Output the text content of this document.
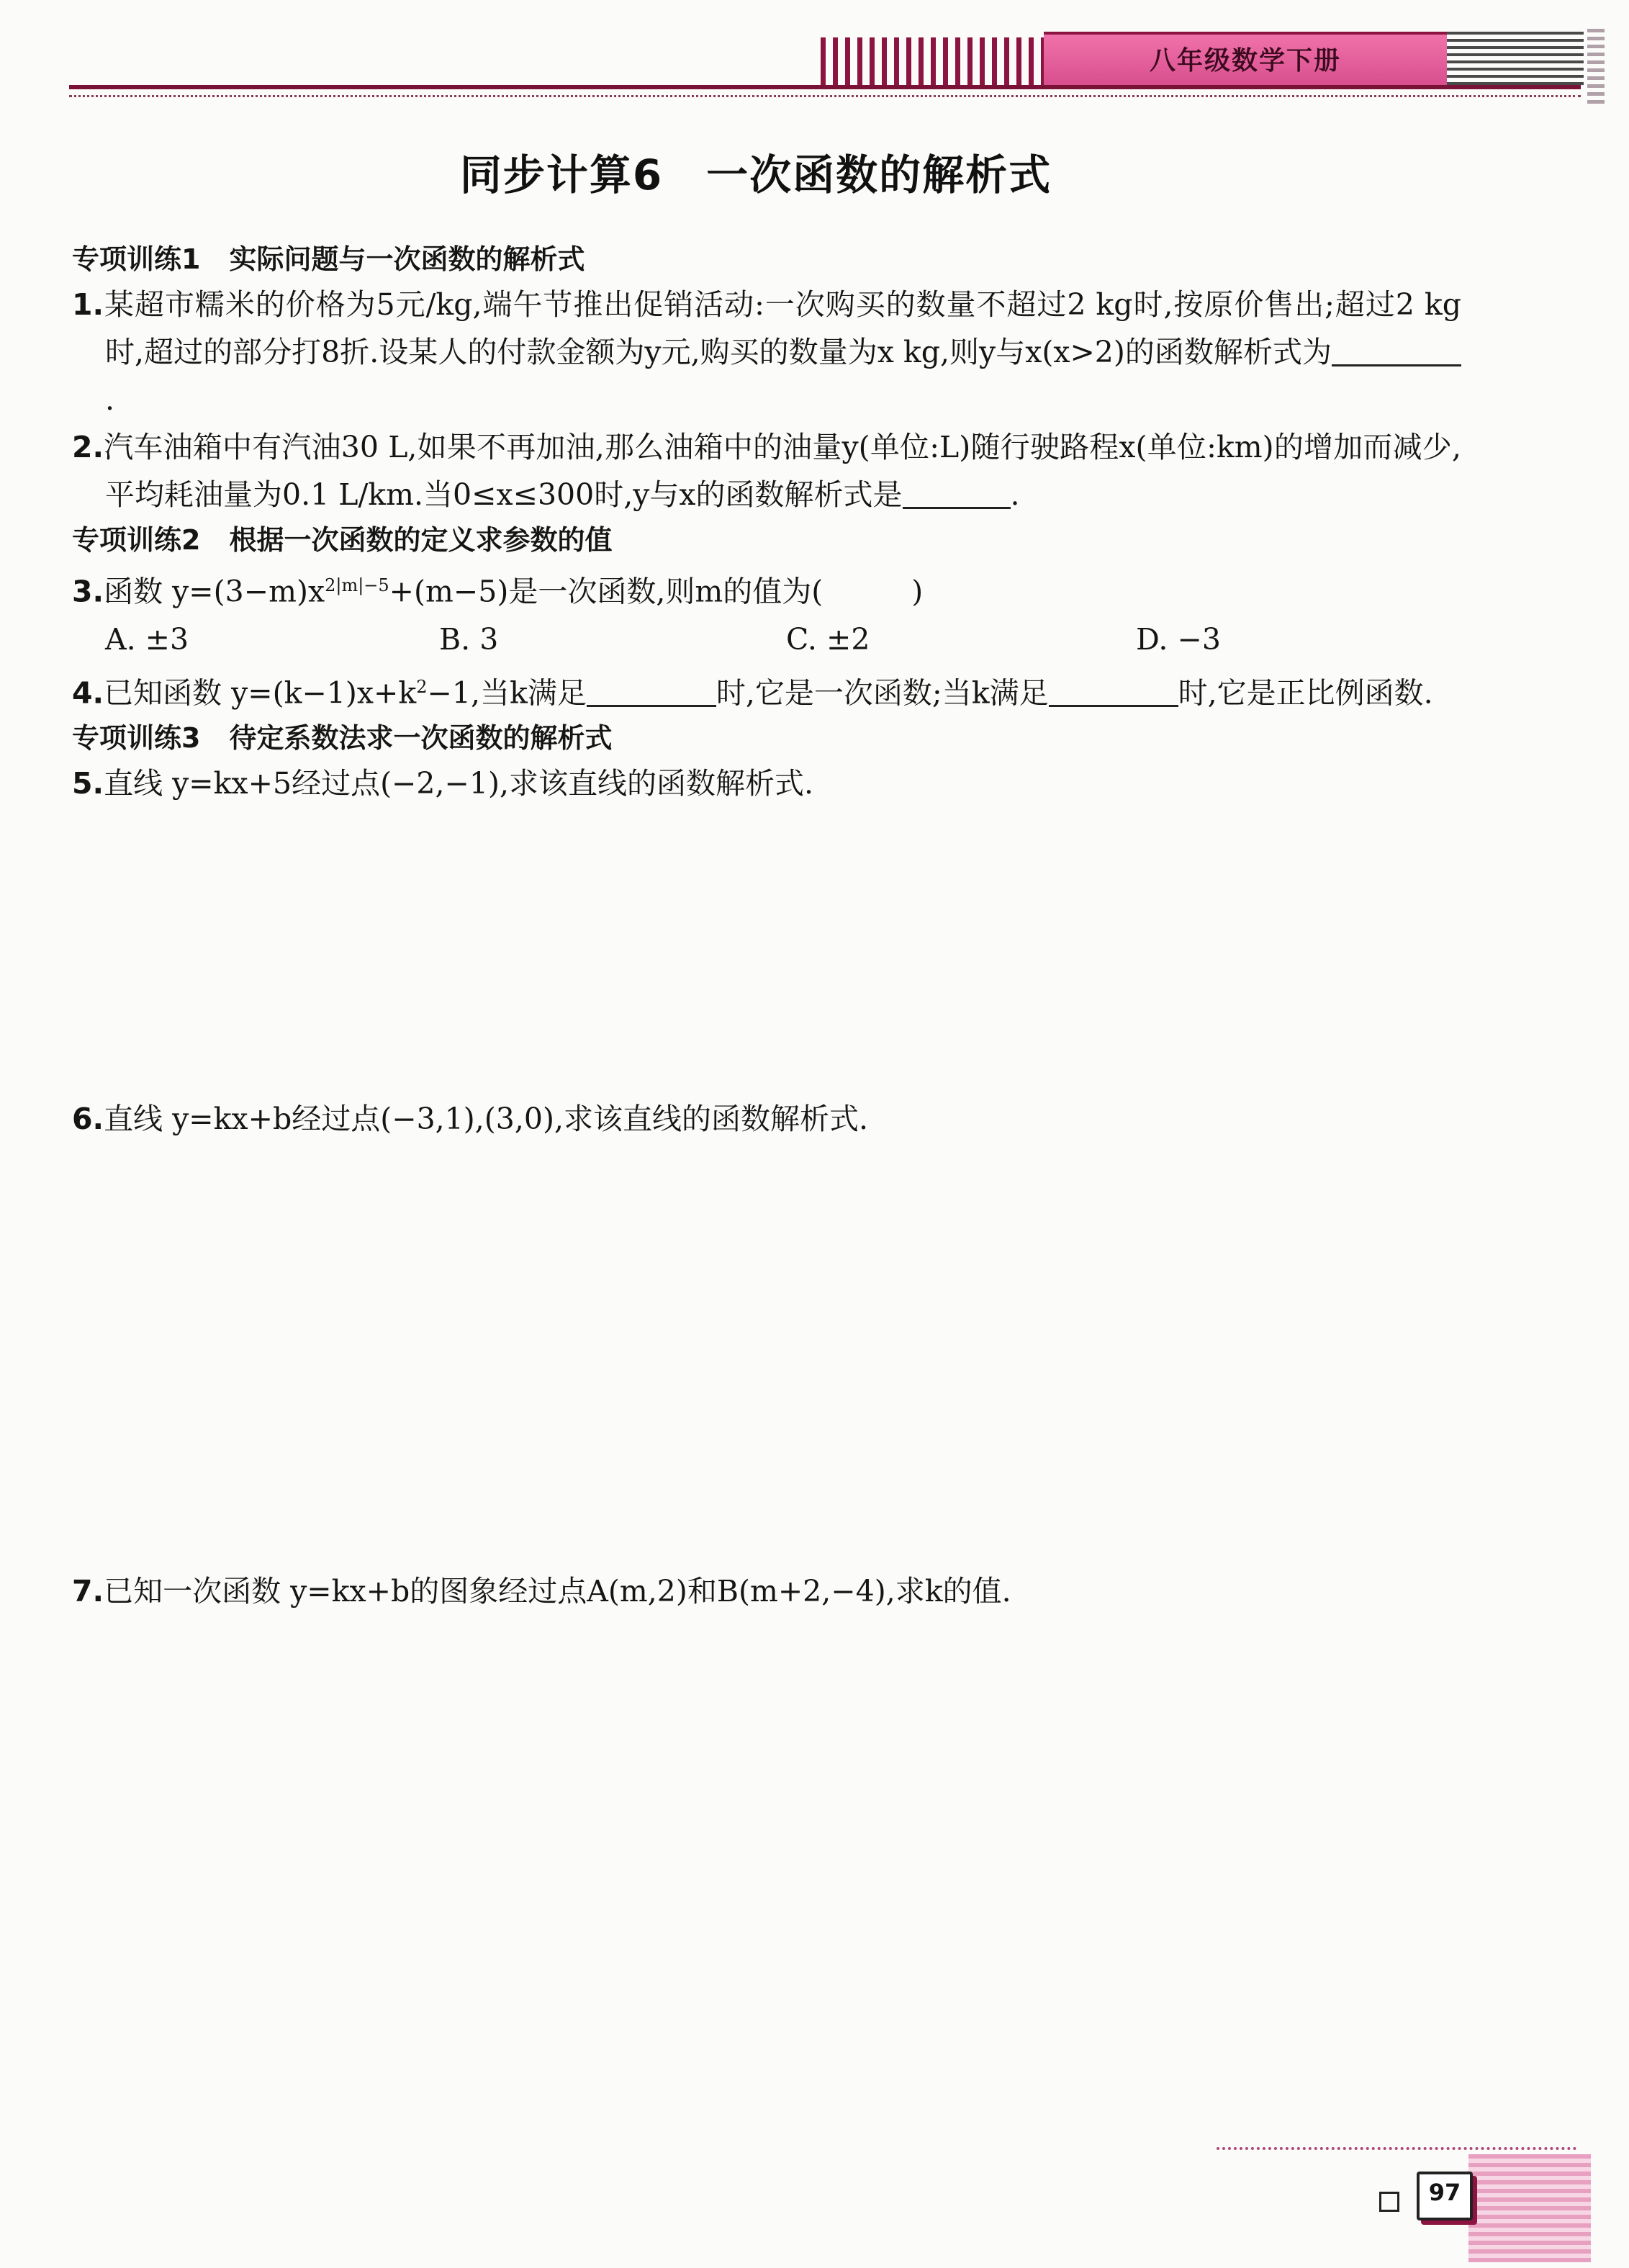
八年级数学下册
同步计算6　一次函数的解析式
专项训练1 实际问题与一次函数的解析式
1.某超市糯米的价格为5元/kg,端午节推出促销活动:一次购买的数量不超过2 kg时,按原价售出;超过2 kg时,超过的部分打8折.设某人的付款金额为y元,购买的数量为x kg,则y与x(x>2)的函数解析式为.
2.汽车油箱中有汽油30 L,如果不再加油,那么油箱中的油量y(单位:L)随行驶路程x(单位:km)的增加而减少,平均耗油量为0.1 L/km.当0≤x≤300时,y与x的函数解析式是	.
专项训练2 根据一次函数的定义求参数的值
3.函数 $y=(3-m)x^{2|m|-5}+(m-5)$是一次函数,则m的值为(　　　)
A. ±3	B. 3	C. ±2	D. −3
4.已知函数 $y=(k-1)x+k^2-1$,当k满足	时,它是一次函数;当k满足	时,它是正比例函数.
专项训练3 待定系数法求一次函数的解析式
5.直线 y=kx+5经过点(−2,−1),求该直线的函数解析式.
6.直线 y=kx+b经过点(−3,1),(3,0),求该直线的函数解析式.
7.已知一次函数 y=kx+b的图象经过点A(m,2)和B(m+2,−4),求k的值.
97
